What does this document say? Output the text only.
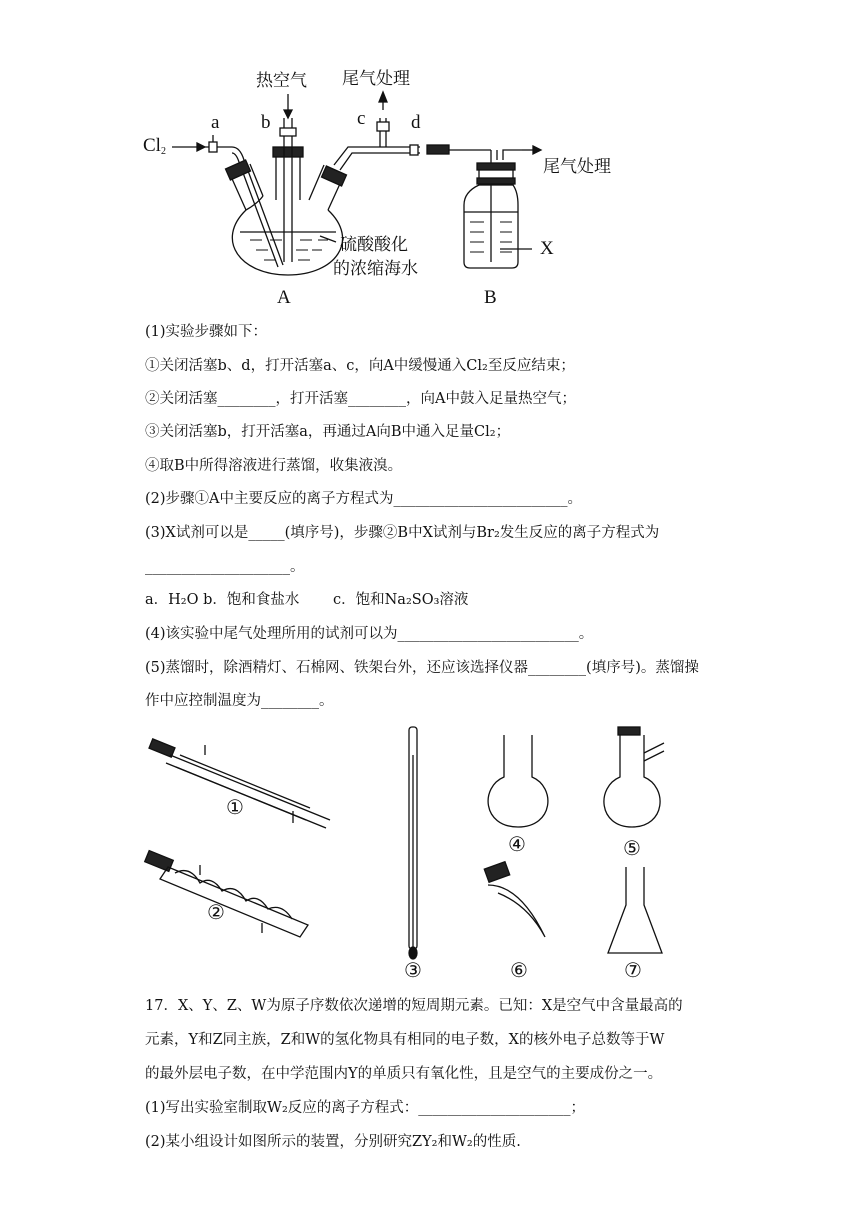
$Cl_2$
a b	c d
热空气 尾气处理
尾气处理
硫酸酸化
的浓缩海水
X
A	B
(1)实验步骤如下：
①关闭活塞b、d，打开活塞a、c，向A中缓慢通入Cl₂至反应结束；
②关闭活塞________，打开活塞________，向A中鼓入足量热空气；
③关闭活塞b，打开活塞a，再通过A向B中通入足量Cl₂；
④取B中所得溶液进行蒸馏，收集液溴。
(2)步骤①A中主要反应的离子方程式为________________________。
(3)X试剂可以是_____(填序号)，步骤②B中X试剂与Br₂发生反应的离子方程式为
____________________。
a．H₂O b．饱和食盐水　　 c．饱和Na₂SO₃溶液
(4)该实验中尾气处理所用的试剂可以为_________________________。
(5)蒸馏时，除酒精灯、石棉网、铁架台外，还应该选择仪器________(填序号)。蒸馏操
作中应控制温度为________。
①
②
③
④	⑤
⑥	⑦
17．X、Y、Z、W为原子序数依次递增的短周期元素。已知：X是空气中含量最高的
元素，Y和Z同主族，Z和W的氢化物具有相同的电子数，X的核外电子总数等于W
的最外层电子数，在中学范围内Y的单质只有氧化性，且是空气的主要成份之一。
(1)写出实验室制取W₂反应的离子方程式：_____________________；
(2)某小组设计如图所示的装置，分别研究ZY₂和W₂的性质.
